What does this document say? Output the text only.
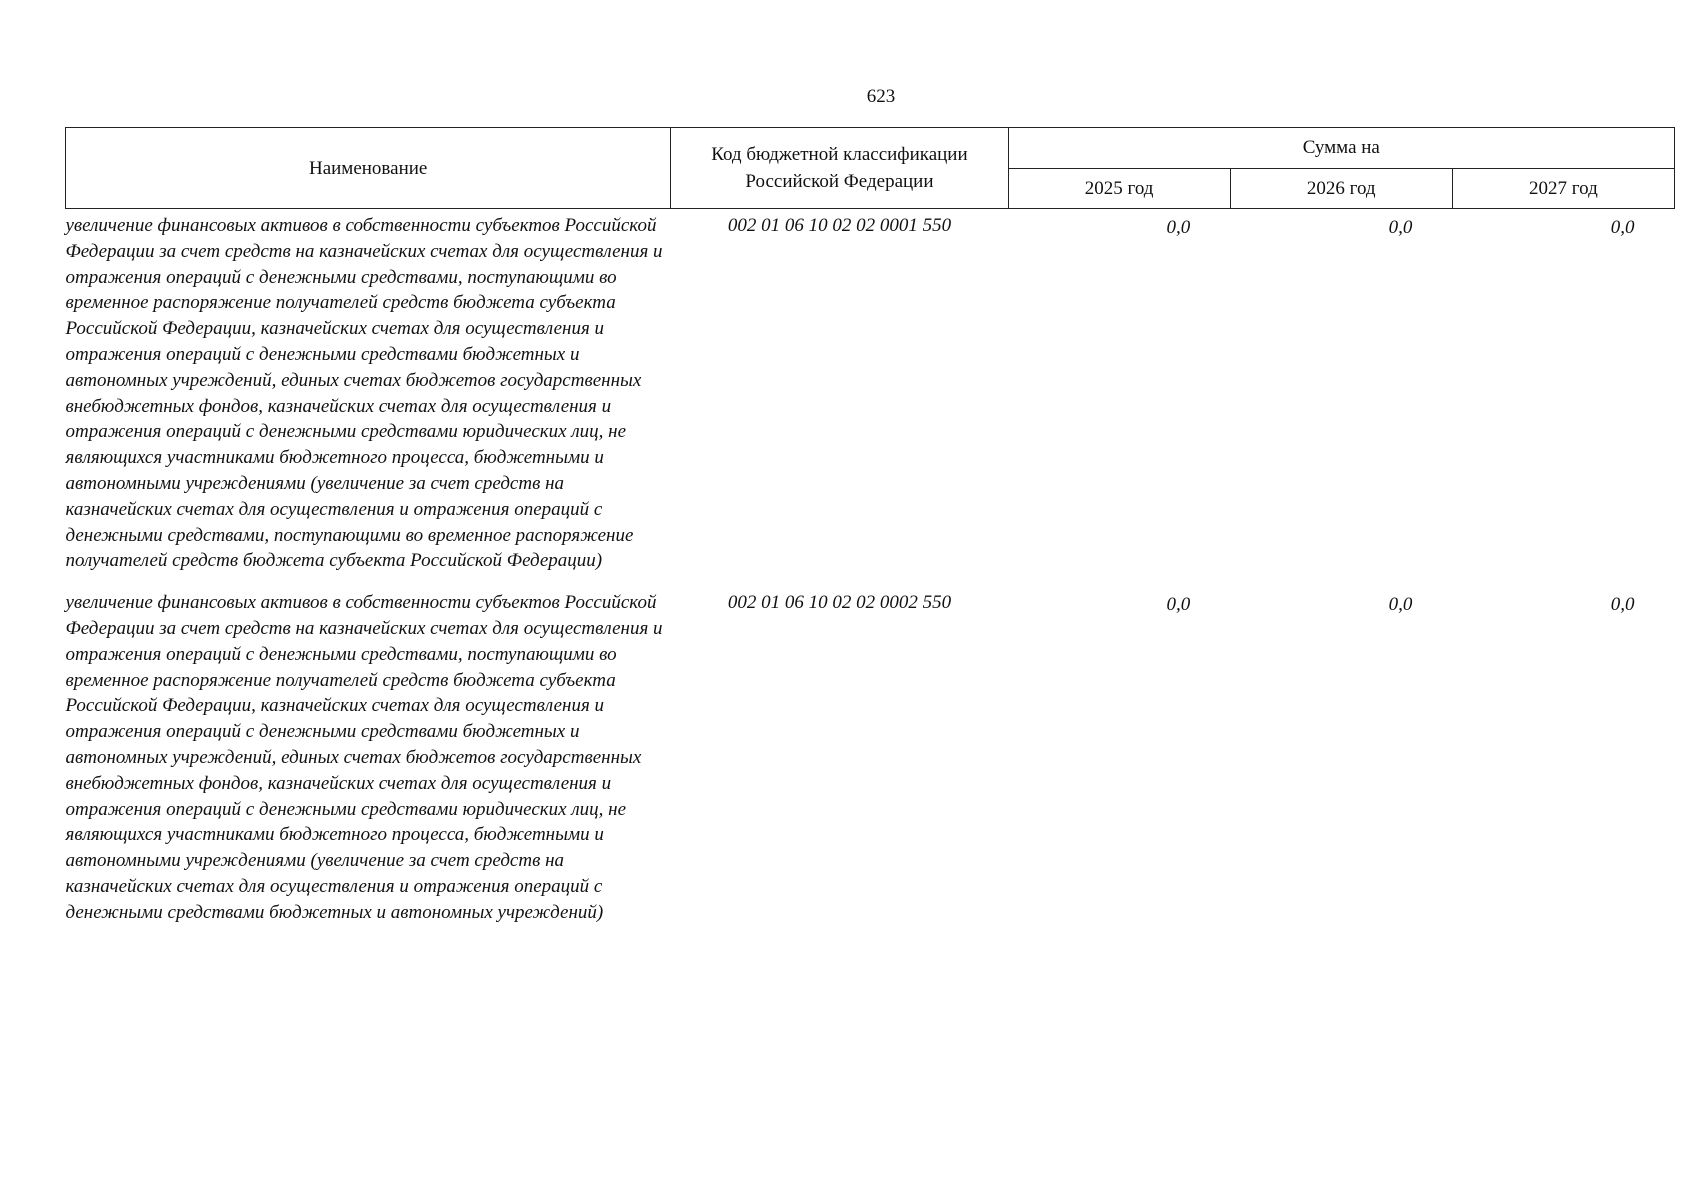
623
Наименование	Код бюджетной классификации Российской Федерации	Сумма на		
		2025 год	2026 год	2027 год
увеличение финансовых активов в собственности субъектов Российской Федерации за счет средств на казначейских счетах для осуществления и отражения операций с денежными средствами, поступающими во временное распоряжение получателей средств бюджета субъекта Российской Федерации, казначейских счетах для осуществления и отражения операций с денежными средствами бюджетных и автономных учреждений, единых счетах бюджетов государственных внебюджетных фондов, казначейских счетах для осуществления и отражения операций с денежными средствами юридических лиц, не являющихся участниками бюджетного процесса, бюджетными и автономными учреждениями (увеличение за счет средств на казначейских счетах для осуществления и отражения операций с денежными средствами, поступающими во временное распоряжение получателей средств бюджета субъекта Российской Федерации)	002 01 06 10 02 02 0001 550	0,0	0,0	0,0
увеличение финансовых активов в собственности субъектов Российской Федерации за счет средств на казначейских счетах для осуществления и отражения операций с денежными средствами, поступающими во временное распоряжение получателей средств бюджета субъекта Российской Федерации, казначейских счетах для осуществления и отражения операций с денежными средствами бюджетных и автономных учреждений, единых счетах бюджетов государственных внебюджетных фондов, казначейских счетах для осуществления и отражения операций с денежными средствами юридических лиц, не являющихся участниками бюджетного процесса, бюджетными и автономными учреждениями (увеличение за счет средств на казначейских счетах для осуществления и отражения операций с денежными средствами бюджетных и автономных учреждений)	002 01 06 10 02 02 0002 550	0,0	0,0	0,0
